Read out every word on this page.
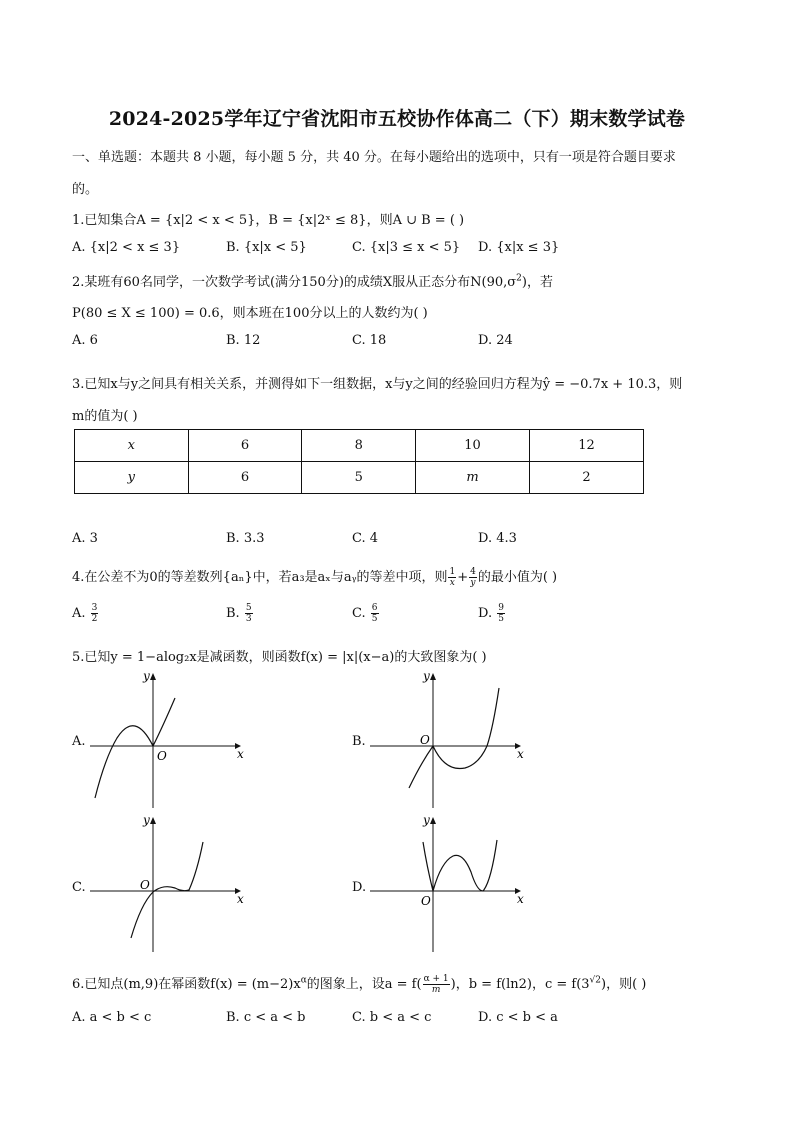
2024-2025学年辽宁省沈阳市五校协作体高二（下）期末数学试卷
一、单选题：本题共 8 小题，每小题 5 分，共 40 分。在每小题给出的选项中，只有一项是符合题目要求
的。
1.已知集合A = {x|2 < x < 5}，B = {x|2ˣ ≤ 8}，则A ∪ B = ( )
A. {x|2 < x ≤ 3}	B. {x|x < 5}	C. {x|3 ≤ x < 5} D. {x|x ≤ 3}
2.某班有60名同学，一次数学考试(满分150分)的成绩X服从正态分布$N(90,\sigma^2)$，若
P(80 ≤ X ≤ 100) = 0.6，则本班在100分以上的人数约为( )
A. 6	B. 12	C. 18	D. 24
3.已知x与y之间具有相关关系，并测得如下一组数据，x与y之间的经验回归方程为ŷ = −0.7x + 10.3，则
m的值为( )
x	6	8	10	12
y	6	5	m	2
A. 3	B. 3.3	C. 4	D. 4.3
4.在公差不为0的等差数列{aₙ}中，若a₃是aₓ与aᵧ的等差中项，则 $\frac{1}{x} + \frac{4}{y}$ 的最小值为( )
A. $\frac{3}{2}$	B. $\frac{5}{3}$	C. $\frac{6}{5}$	D. $\frac{9}{5}$
5.已知y = 1−alog₂x是减函数，则函数f(x) = |x|(x−a)的大致图象为( )
A.
x
y
O
B.
x
y
O
C.
x
y
O	D.
x
y
O
6.已知点(m,9)在幂函数$f(x) = (m-2)x^\alpha$的图象上，设$a = f( \frac{\alpha + 1}{m}$ )，b = f(ln2)，$c = f(3^{√2})$，则( )
A. a < b < c	B. c < a < b	C. b < a < c	D. c < b < a
